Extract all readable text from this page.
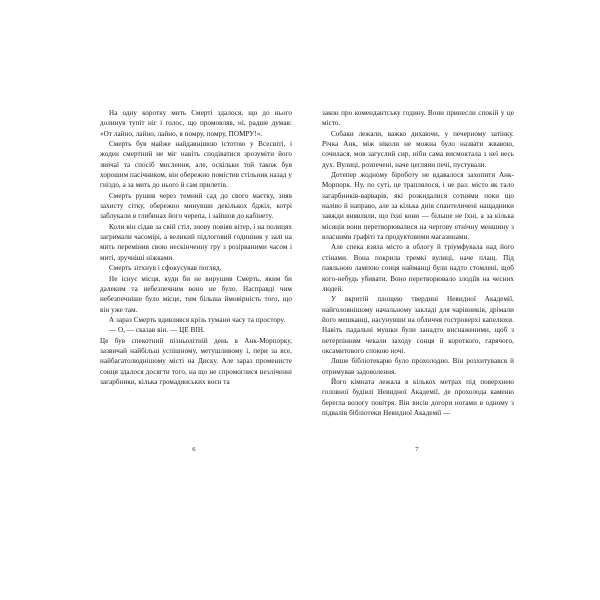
На одну коротку мить Смерті здалося, що до нього долинув тупіт ніг і голос, що промовляв, ні, радше думав: «От лайно, лайно, лайно, я помру, помру, ПОМРУ!».

Смерть був майже найдавнішою істотою у Всесвіті, і жоден смертний не міг навіть сподіватися зрозуміти його звичаї та спосіб мислення, але, оскільки той також був хорошим пасічником, він обережно помістив стільник назад у гніздо, а за мить до нього й сам прилетів.

Смерть рушив через темний сад до свого маєтку, зняв захисту сітку, обережно минувши декількох бджіл, котрі заблукали в глибинах його черепа, і зайшов до кабінету.

Коли він сідав за свій стіл, знову повіяв вітер, і на полицях загримали часомірі, а великий підлоговий годинник у залі на мить перемінив свою нескінченну гру з розірваними часом і миті, зручніші ніжками.

Смерть зітхнув і сфокусував погляд.

Не існує місця, куди би не вирушив Смерть, яким би далеким та небезпечним воно не було. Насправді чим небезпечніше було місце, тим більша ймовірність того, що він уже там.

А зараз Смерть вдивлявся крізь тумани часу та простору.

— О, — сказав він. — ЦЕ ВІН.

Це був спекотний пізньолітній день в Анк-Морпорку, зазвичай найбільш успішному, метушливому і, пери за все, найбагатолюднішому місті на Диску. Але зараз променисте сонця здалося досягти того, на що не спромоглися незліченні загарбники, кілька громадянських воєн та

6

закон про комендантську годину. Вони принесли спокій у це місто.

Собаки лежали, важко дихаючи, у печерному затінку. Річка Анк, між ніколи не можна було назвати жвавою, сочилася, мов загуслий сир, ніби сама висмоктала з неї весь дух. Вулиці, розпечені, наче цегляни печі, пустували.

Дотепер жодному біроботу не вдавалося захопити Анк-Морпорк. Ну, по суті, це траплялося, і не раз: місто як тало загарбників-варварів, які розкидалися сотнями поки що наліво й направо, але за кілька днів спантеличені нащадники завжди виявляли, що їхні кони — більше не їхні, а за кілька місяців вони перетворювалися на чергову етнічну меншину з власними графіті та продуктовими магазинами.

Але спека взяла місто в облогу й тріумфувала над його стінами. Вона покрила тремкі вулиці, наче плащ. Під паяльною лампою сонця найманці були надто стомлені, щоб кого-небудь убивати. Воно перетворювало злодіїв на чесних людей.

У вкритій площею твердині Невидної Академії, найголовнішому начальному закладі для чарівників, дрімали його мешканці, насунувши на обличчя гостроверхі капелюхи. Навіть падальні мушки були занадто виснаженими, щоб з нетерпінням чекали заходу сонця й короткого, гарячого, оксамитового спокою ночі.

Лише бібліотекарю було прохолодно. Він розхитувався й отримував задоволення.

Його кімната лежала в кількох метрах під поверхнею головної будівлі Невидної Академії, де прохолода каменю берегла вологу повітря. Він висів догори ногами в одному з підвалів бібліотеки Невидної Академії —

7
